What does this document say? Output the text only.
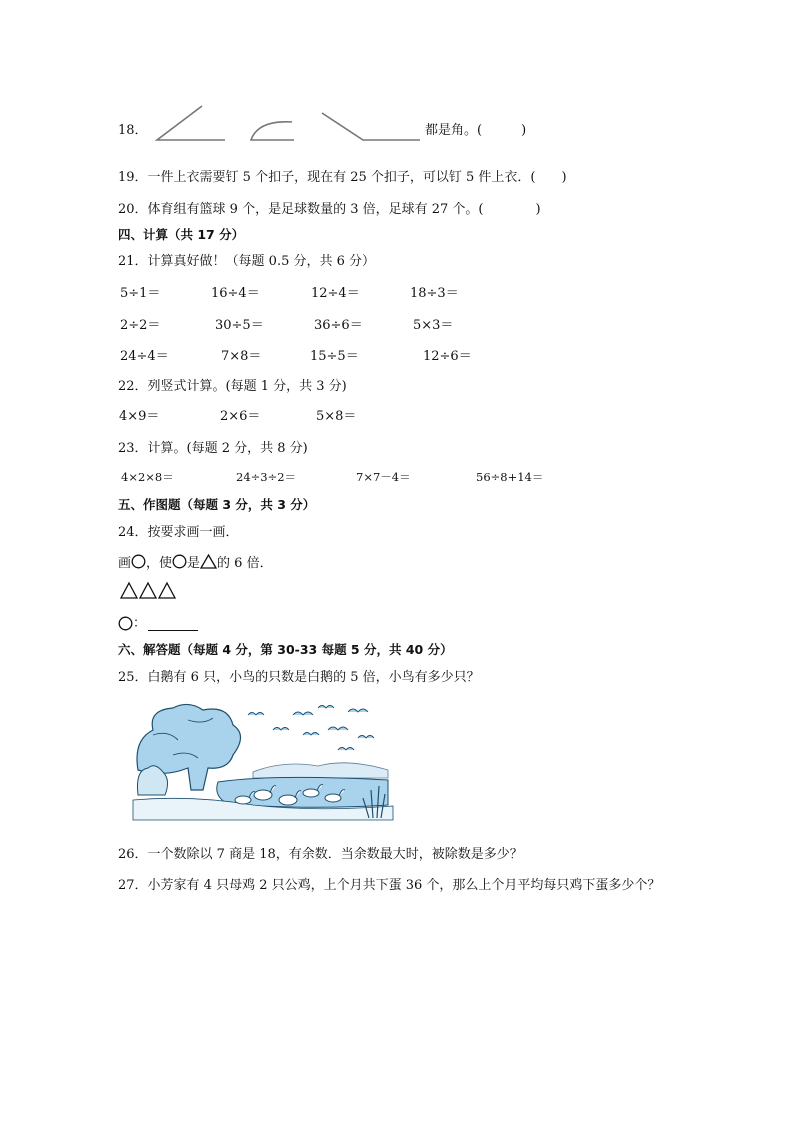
18．	都是角。(　　　)
19．一件上衣需要钉 5 个扣子，现在有 25 个扣子，可以钉 5 件上衣．(　　)
20．体育组有篮球 9 个，是足球数量的 3 倍，足球有 27 个。(　　　　)
四、计算（共 17 分）
21．计算真好做！（每题 0.5 分，共 6 分）
5÷1＝	16÷4＝	12÷4＝	18÷3＝
2÷2＝	30÷5＝	36÷6＝	5×3＝
24÷4＝	7×8＝	15÷5＝	12÷6＝
22．列竖式计算。(每题 1 分，共 3 分)
4×9＝	2×6＝	5×8＝
23．计算。(每题 2 分，共 8 分)
4×2×8＝	24÷3÷2＝	7×7－4＝	56÷8+14＝
五、作图题（每题 3 分，共 3 分）
24．按要求画一画．
画 ，使 是 的 6 倍．
：
六、解答题（每题 4 分，第 30-33 每题 5 分，共 40 分）
25．白鹅有 6 只，小鸟的只数是白鹅的 5 倍，小鸟有多少只？
26．一个数除以 7 商是 18，有余数．当余数最大时，被除数是多少？
27．小芳家有 4 只母鸡 2 只公鸡，上个月共下蛋 36 个，那么上个月平均每只鸡下蛋多少个？
